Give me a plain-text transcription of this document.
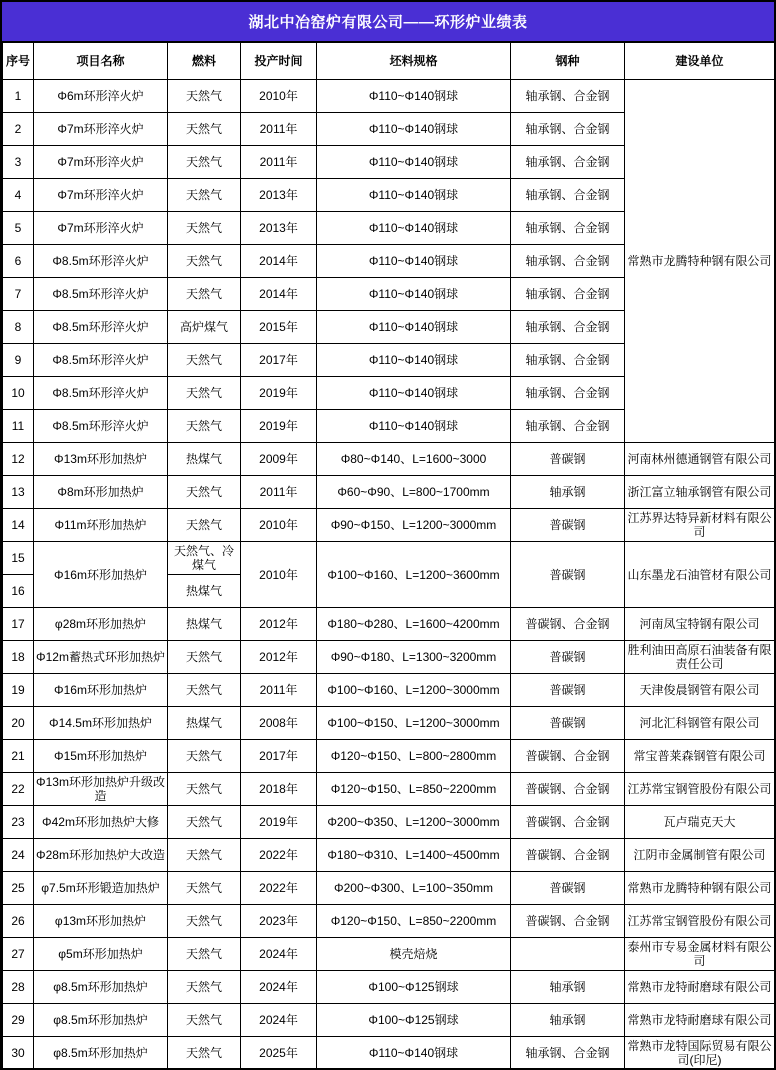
湖北中冶窑炉有限公司——环形炉业绩表
序号	项目名称	燃料	投产时间	坯料规格	钢种	建设单位
1	Φ6m环形淬火炉	天然气	2010年	Φ110~Φ140钢球	轴承钢、合金钢	常熟市龙腾特种钢有限公司
2	Φ7m环形淬火炉	天然气	2011年	Φ110~Φ140钢球	轴承钢、合金钢	
3	Φ7m环形淬火炉	天然气	2011年	Φ110~Φ140钢球	轴承钢、合金钢	
4	Φ7m环形淬火炉	天然气	2013年	Φ110~Φ140钢球	轴承钢、合金钢	
5	Φ7m环形淬火炉	天然气	2013年	Φ110~Φ140钢球	轴承钢、合金钢	
6	Φ8.5m环形淬火炉	天然气	2014年	Φ110~Φ140钢球	轴承钢、合金钢	
7	Φ8.5m环形淬火炉	天然气	2014年	Φ110~Φ140钢球	轴承钢、合金钢	
8	Φ8.5m环形淬火炉	高炉煤气	2015年	Φ110~Φ140钢球	轴承钢、合金钢	
9	Φ8.5m环形淬火炉	天然气	2017年	Φ110~Φ140钢球	轴承钢、合金钢	
10	Φ8.5m环形淬火炉	天然气	2019年	Φ110~Φ140钢球	轴承钢、合金钢	
11	Φ8.5m环形淬火炉	天然气	2019年	Φ110~Φ140钢球	轴承钢、合金钢	
12	Φ13m环形加热炉	热煤气	2009年	Φ80~Φ140、L=1600~3000	普碳钢	河南林州德通钢管有限公司
13	Φ8m环形加热炉	天然气	2011年	Φ60~Φ90、L=800~1700mm	轴承钢	浙江富立轴承钢管有限公司
14	Φ11m环形加热炉	天然气	2010年	Φ90~Φ150、L=1200~3000mm	普碳钢	江苏界达特异新材料有限公司
15	Φ16m环形加热炉	天然气、冷煤气	2010年	Φ100~Φ160、L=1200~3600mm	普碳钢	山东墨龙石油管材有限公司
16		热煤气				
17	φ28m环形加热炉	热煤气	2012年	Φ180~Φ280、L=1600~4200mm	普碳钢、合金钢	河南凤宝特钢有限公司
18	Φ12m蓄热式环形加热炉	天然气	2012年	Φ90~Φ180、L=1300~3200mm	普碳钢	胜利油田高原石油装备有限责任公司
19	Φ16m环形加热炉	天然气	2011年	Φ100~Φ160、L=1200~3000mm	普碳钢	天津俊晨钢管有限公司
20	Φ14.5m环形加热炉	热煤气	2008年	Φ100~Φ150、L=1200~3000mm	普碳钢	河北汇科钢管有限公司
21	Φ15m环形加热炉	天然气	2017年	Φ120~Φ150、L=800~2800mm	普碳钢、合金钢	常宝普莱森钢管有限公司
22	Φ13m环形加热炉升级改造	天然气	2018年	Φ120~Φ150、L=850~2200mm	普碳钢、合金钢	江苏常宝钢管股份有限公司
23	Φ42m环形加热炉大修	天然气	2019年	Φ200~Φ350、L=1200~3000mm	普碳钢、合金钢	瓦卢瑞克天大
24	Φ28m环形加热炉大改造	天然气	2022年	Φ180~Φ310、L=1400~4500mm	普碳钢、合金钢	江阴市金属制管有限公司
25	φ7.5m环形锻造加热炉	天然气	2022年	Φ200~Φ300、L=100~350mm	普碳钢	常熟市龙腾特种钢有限公司
26	φ13m环形加热炉	天然气	2023年	Φ120~Φ150、L=850~2200mm	普碳钢、合金钢	江苏常宝钢管股份有限公司
27	φ5m环形加热炉	天然气	2024年	模壳焙烧		泰州市专易金属材料有限公司
28	φ8.5m环形加热炉	天然气	2024年	Φ100~Φ125钢球	轴承钢	常熟市龙特耐磨球有限公司
29	φ8.5m环形加热炉	天然气	2024年	Φ100~Φ125钢球	轴承钢	常熟市龙特耐磨球有限公司
30	φ8.5m环形加热炉	天然气	2025年	Φ110~Φ140钢球	轴承钢、合金钢	常熟市龙特国际贸易有限公司(印尼)
